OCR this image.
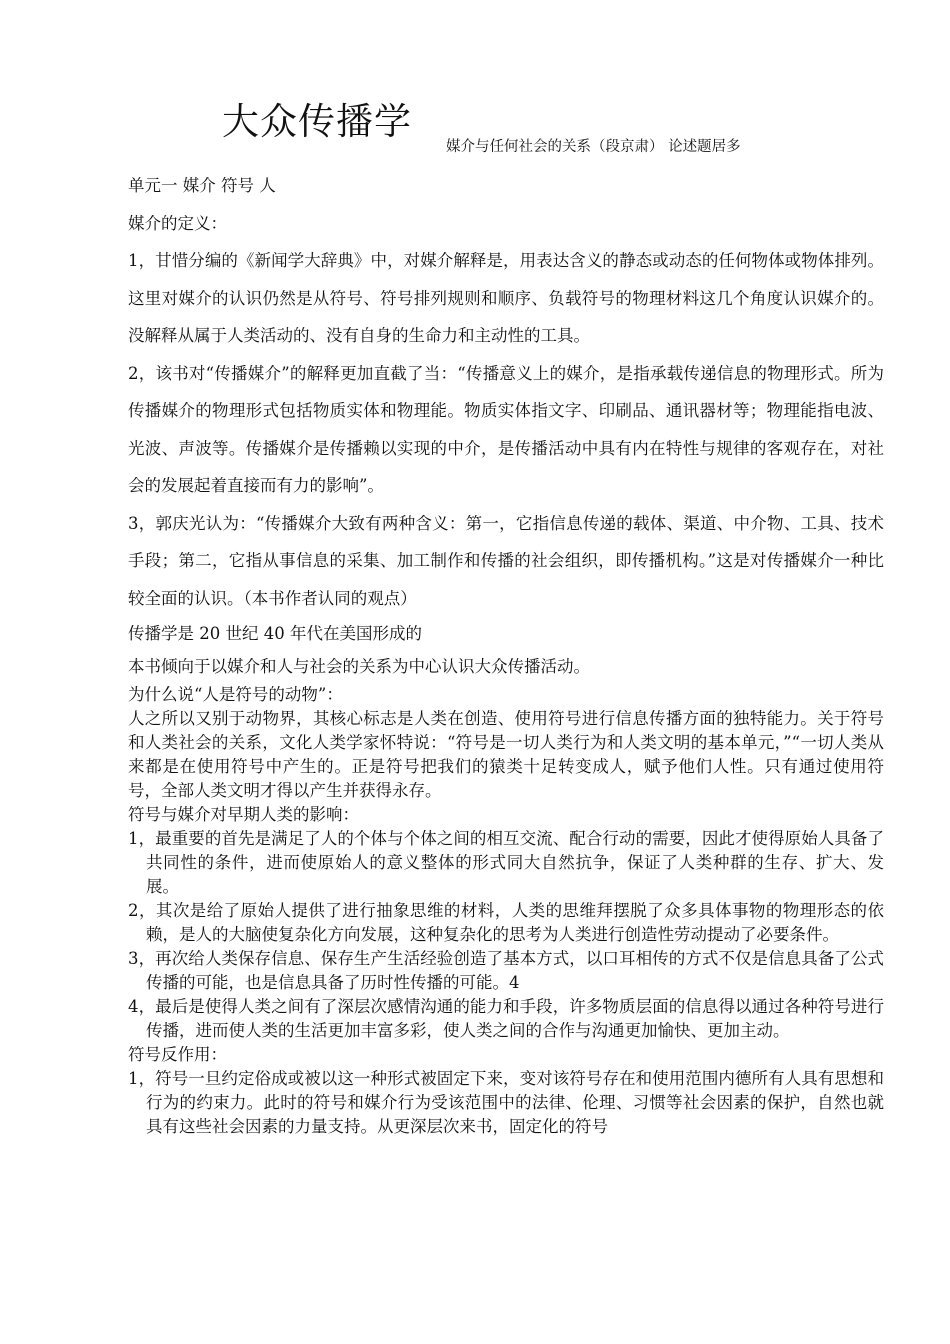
大众传播学
媒介与任何社会的关系（段京肃） 论述题居多

单元一 媒介 符号 人

媒介的定义：

1，甘惜分编的《新闻学大辞典》中，对媒介解释是，用表达含义的静态或动态的任何物体或物体排列。这里对媒介的认识仍然是从符号、符号排列规则和顺序、负载符号的物理材料这几个角度认识媒介的。没解释从属于人类活动的、没有自身的生命力和主动性的工具。

2，该书对“传播媒介”的解释更加直截了当：“传播意义上的媒介，是指承载传递信息的物理形式。所为传播媒介的物理形式包括物质实体和物理能。物质实体指文字、印刷品、通讯器材等；物理能指电波、光波、声波等。传播媒介是传播赖以实现的中介，是传播活动中具有内在特性与规律的客观存在，对社会的发展起着直接而有力的影响”。

3，郭庆光认为：“传播媒介大致有两种含义：第一，它指信息传递的载体、渠道、中介物、工具、技术手段；第二，它指从事信息的采集、加工制作和传播的社会组织，即传播机构。”这是对传播媒介一种比较全面的认识。（本书作者认同的观点）

传播学是 20 世纪 40 年代在美国形成的

本书倾向于以媒介和人与社会的关系为中心认识大众传播活动。

为什么说“人是符号的动物”：

人之所以又别于动物界，其核心标志是人类在创造、使用符号进行信息传播方面的独特能力。关于符号和人类社会的关系，文化人类学家怀特说：“符号是一切人类行为和人类文明的基本单元，”“一切人类从来都是在使用符号中产生的。正是符号把我们的猿类十足转变成人，赋予他们人性。只有通过使用符号，全部人类文明才得以产生并获得永存。

符号与媒介对早期人类的影响：

1，最重要的首先是满足了人的个体与个体之间的相互交流、配合行动的需要，因此才使得原始人具备了共同性的条件，进而使原始人的意义整体的形式同大自然抗争，保证了人类种群的生存、扩大、发展。

2，其次是给了原始人提供了进行抽象思维的材料，人类的思维拜摆脱了众多具体事物的物理形态的依赖，是人的大脑使复杂化方向发展，这种复杂化的思考为人类进行创造性劳动提动了必要条件。

3，再次给人类保存信息、保存生产生活经验创造了基本方式，以口耳相传的方式不仅是信息具备了公式传播的可能，也是信息具备了历时性传播的可能。4

4，最后是使得人类之间有了深层次感情沟通的能力和手段，许多物质层面的信息得以通过各种符号进行传播，进而使人类的生活更加丰富多彩，使人类之间的合作与沟通更加愉快、更加主动。

符号反作用：

1，符号一旦约定俗成或被以这一种形式被固定下来，变对该符号存在和使用范围内德所有人具有思想和行为的约束力。此时的符号和媒介行为受该范围中的法律、伦理、习惯等社会因素的保护，自然也就具有这些社会因素的力量支持。从更深层次来书，固定化的符号
